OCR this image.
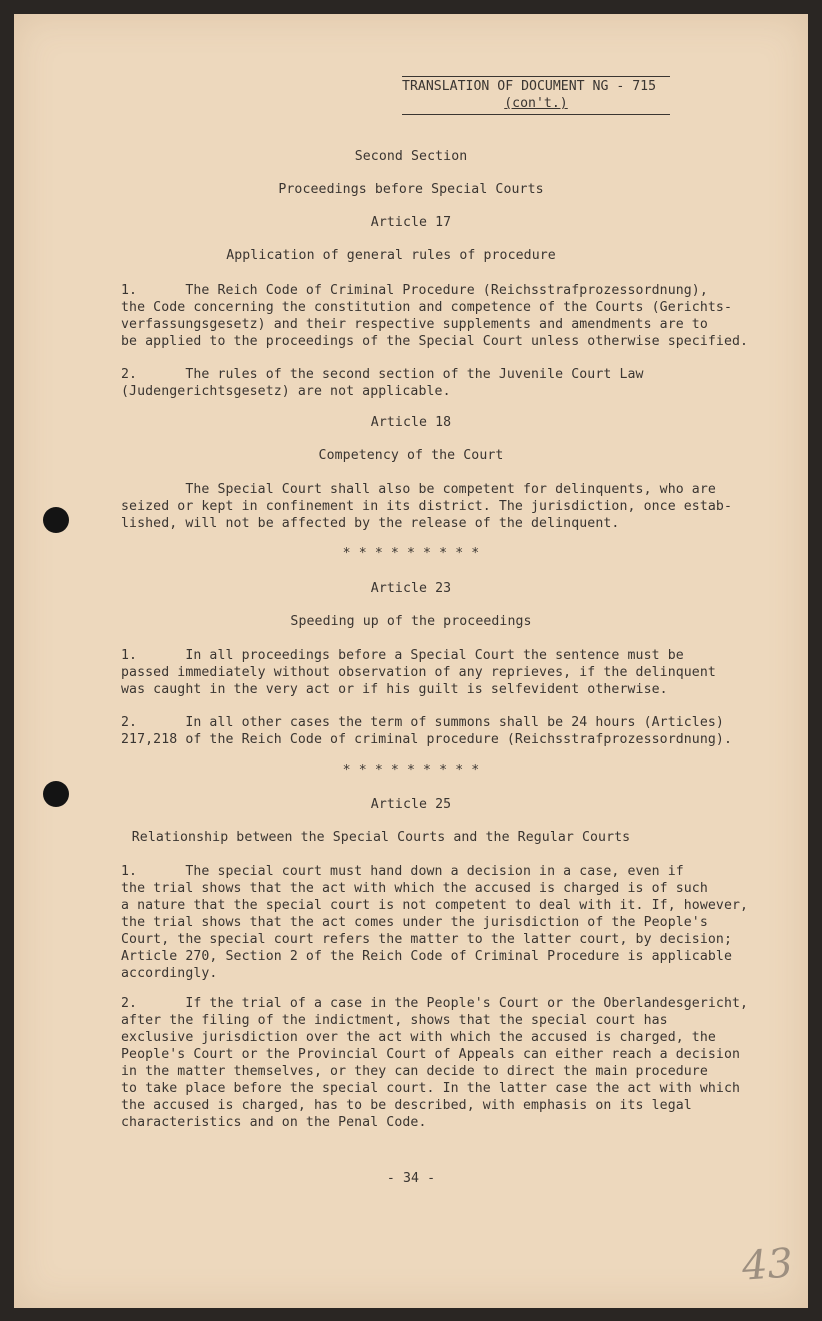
TRANSLATION OF DOCUMENT NG - 715
(con't.)
Second Section
Proceedings before Special Courts
Article 17
Application of general rules of procedure
1.      The Reich Code of Criminal Procedure (Reichsstrafprozessordnung),
the Code concerning the constitution and competence of the Courts (Gerichts-
verfassungsgesetz) and their respective supplements and amendments are to
be applied to the proceedings of the Special Court unless otherwise specified.
2.      The rules of the second section of the Juvenile Court Law
(Judengerichtsgesetz) are not applicable.
Article 18
Competency of the Court
The Special Court shall also be competent for delinquents, who are
seized or kept in confinement in its district. The jurisdiction, once estab-
lished, will not be affected by the release of the delinquent.
* * * * * * * * *
Article 23
Speeding up of the proceedings
1.      In all proceedings before a Special Court the sentence must be
passed immediately without observation of any reprieves, if the delinquent
was caught in the very act or if his guilt is selfevident otherwise.
2.      In all other cases the term of summons shall be 24 hours (Articles)
217,218 of the Reich Code of criminal procedure (Reichsstrafprozessordnung).
* * * * * * * * *
Article 25
Relationship between the Special Courts and the Regular Courts
1.      The special court must hand down a decision in a case, even if
the trial shows that the act with which the accused is charged is of such
a nature that the special court is not competent to deal with it. If, however,
the trial shows that the act comes under the jurisdiction of the People's
Court, the special court refers the matter to the latter court, by decision;
Article 270, Section 2 of the Reich Code of Criminal Procedure is applicable
accordingly.
2.      If the trial of a case in the People's Court or the Oberlandesgericht,
after the filing of the indictment, shows that the special court has
exclusive jurisdiction over the act with which the accused is charged, the
People's Court or the Provincial Court of Appeals can either reach a decision
in the matter themselves, or they can decide to direct the main procedure
to take place before the special court. In the latter case the act with which
the accused is charged, has to be described, with emphasis on its legal
characteristics and on the Penal Code.
- 34 -
43
